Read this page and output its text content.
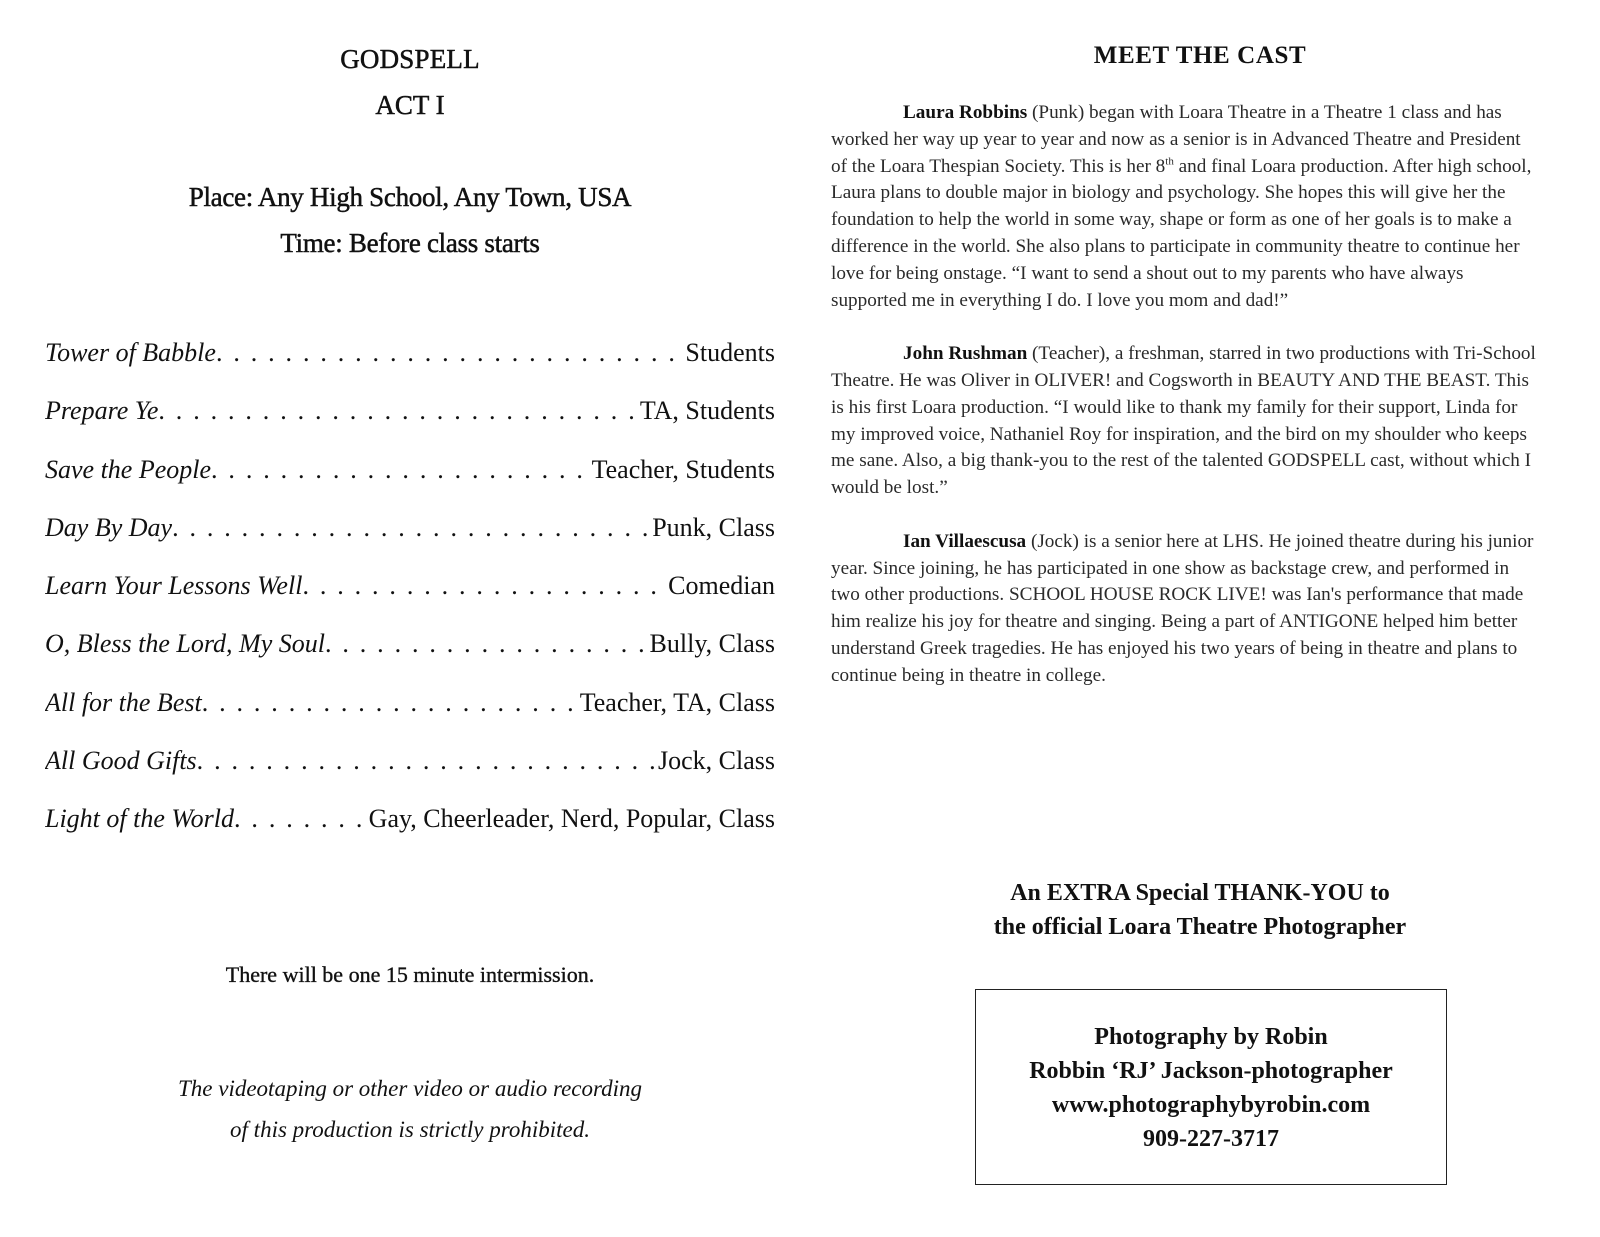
GODSPELL
ACT I
Place: Any High School, Any Town, USA
Time: Before class starts
Tower of Babble . . .	Students
Prepare Ye . . .	TA, Students
Save the People . . .	Teacher, Students
Day By Day . . .	Punk, Class
Learn Your Lessons Well . . .	Comedian
O, Bless the Lord, My Soul . . .	Bully, Class
All for the Best . . .	Teacher, TA, Class
All Good Gifts . . .	Jock, Class
Light of the World . . .	Gay, Cheerleader, Nerd, Popular, Class
There will be one 15 minute intermission.
The videotaping or other video or audio recording
of this production is strictly prohibited.
MEET THE CAST

Laura Robbins (Punk) began with Loara Theatre in a Theatre 1 class and has worked her way up year to year and now as a senior is in Advanced Theatre and President of the Loara Thespian Society. This is her 8th and final Loara production. After high school, Laura plans to double major in biology and psychology. She hopes this will give her the foundation to help the world in some way, shape or form as one of her goals is to make a difference in the world. She also plans to participate in community theatre to continue her love for being onstage. “I want to send a shout out to my parents who have always supported me in everything I do. I love you mom and dad!”

John Rushman (Teacher), a freshman, starred in two productions with Tri-School Theatre. He was Oliver in OLIVER! and Cogsworth in BEAUTY AND THE BEAST. This is his first Loara production. “I would like to thank my family for their support, Linda for my improved voice, Nathaniel Roy for inspiration, and the bird on my shoulder who keeps me sane. Also, a big thank-you to the rest of the talented GODSPELL cast, without which I would be lost.”

Ian Villaescusa (Jock) is a senior here at LHS. He joined theatre during his junior year. Since joining, he has participated in one show as backstage crew, and performed in two other productions. SCHOOL HOUSE ROCK LIVE! was Ian's performance that made him realize his joy for theatre and singing. Being a part of ANTIGONE helped him better understand Greek tragedies. He has enjoyed his two years of being in theatre and plans to continue being in theatre in college.

An EXTRA Special THANK-YOU to
the official Loara Theatre Photographer
Photography by Robin
Robbin ‘RJ’ Jackson-photographer
www.photographybyrobin.com
909-227-3717
